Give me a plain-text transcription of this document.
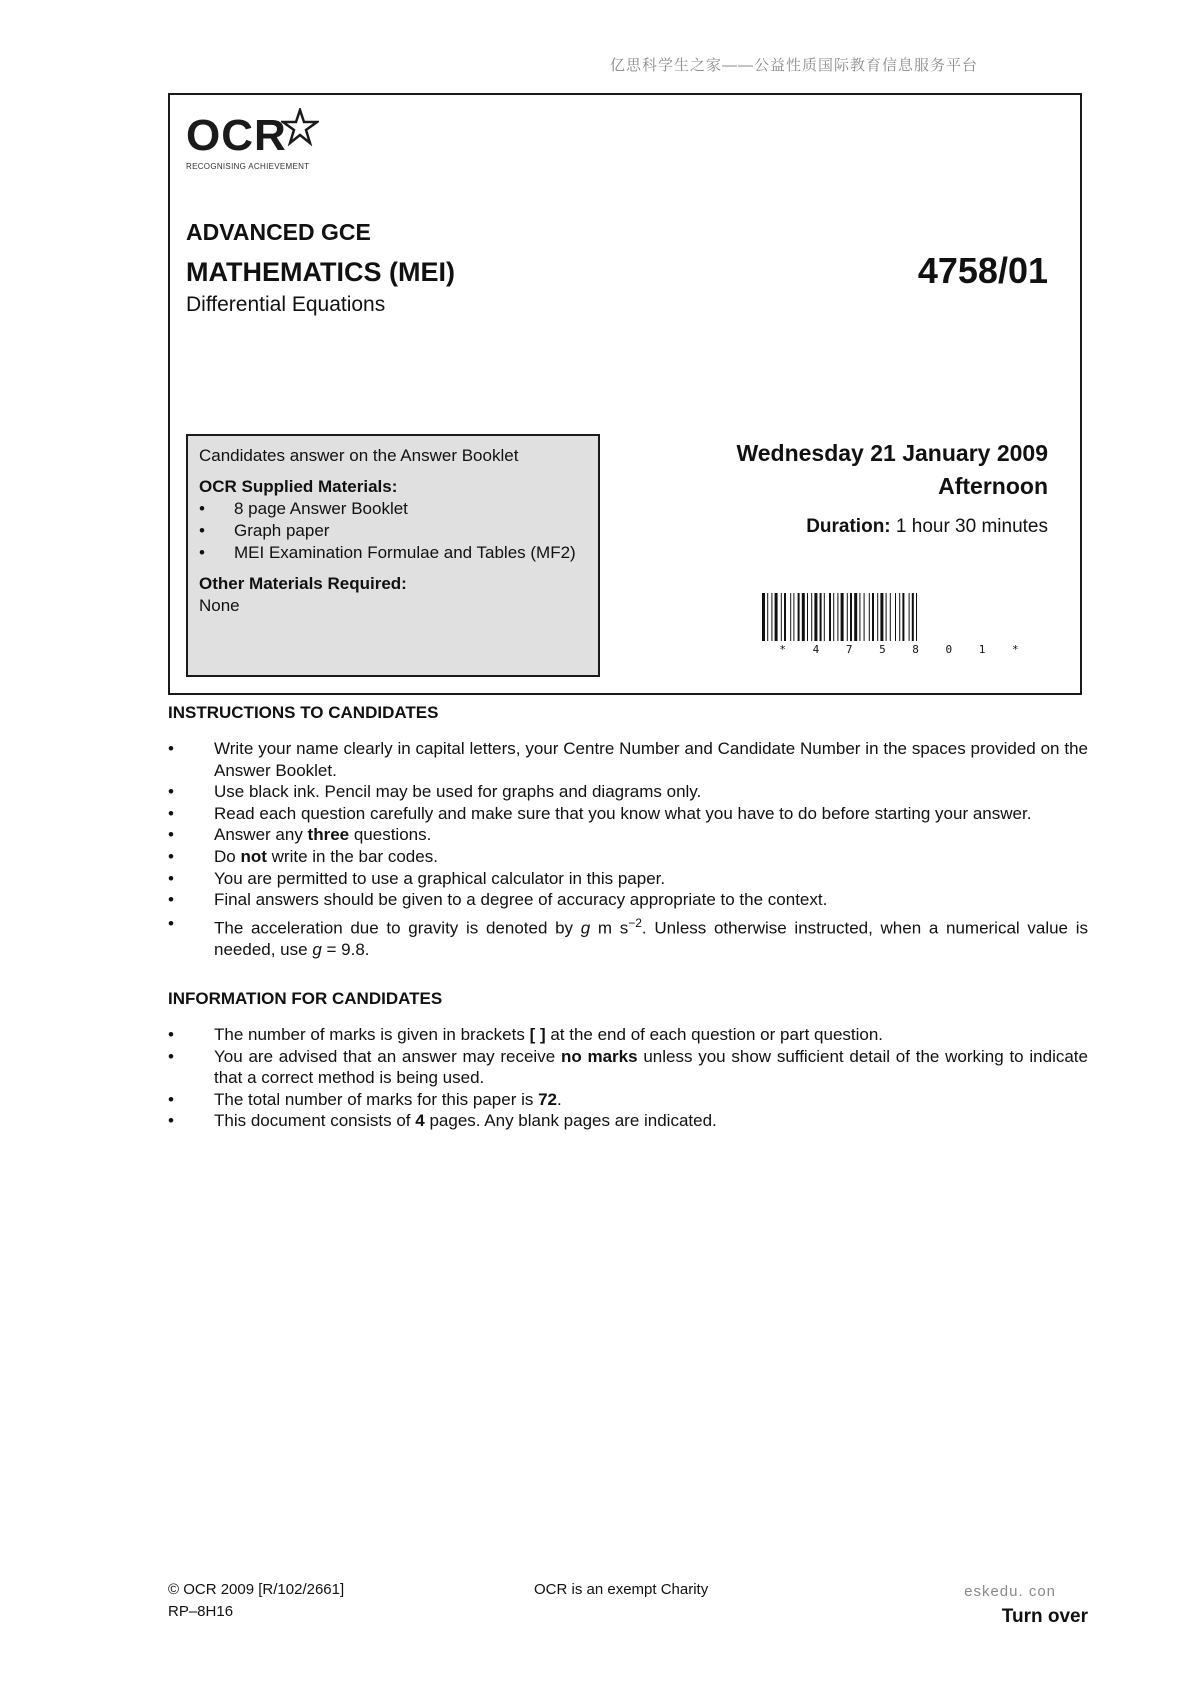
亿思科学生之家——公益性质国际教育信息服务平台
OCR
RECOGNISING ACHIEVEMENT
ADVANCED GCE
MATHEMATICS (MEI)
Differential Equations
4758/01
Candidates answer on the Answer Booklet
OCR Supplied Materials:
• 8 page Answer Booklet
• Graph paper
• MEI Examination Formulae and Tables (MF2)
Other Materials Required:
None
Wednesday 21 January 2009
Afternoon
Duration: 1 hour 30 minutes
* 4 7 5 8 0 1 *
INSTRUCTIONS TO CANDIDATES
• Write your name clearly in capital letters, your Centre Number and Candidate Number in the spaces provided on the Answer Booklet.
• Use black ink. Pencil may be used for graphs and diagrams only.
• Read each question carefully and make sure that you know what you have to do before starting your answer.
• Answer any three questions.
• Do not write in the bar codes.
• You are permitted to use a graphical calculator in this paper.
• Final answers should be given to a degree of accuracy appropriate to the context.
• The acceleration due to gravity is denoted by g m $s^{-2}$. Unless otherwise instructed, when a numerical value is needed, use g = 9.8.
INFORMATION FOR CANDIDATES
• The number of marks is given in brackets [ ] at the end of each question or part question.
• You are advised that an answer may receive no marks unless you show sufficient detail of the working to indicate that a correct method is being used.
• The total number of marks for this paper is 72.
• This document consists of 4 pages. Any blank pages are indicated.
© OCR 2009 [R/102/2661]
RP–8H16
OCR is an exempt Charity	eskedu. con
Turn over
